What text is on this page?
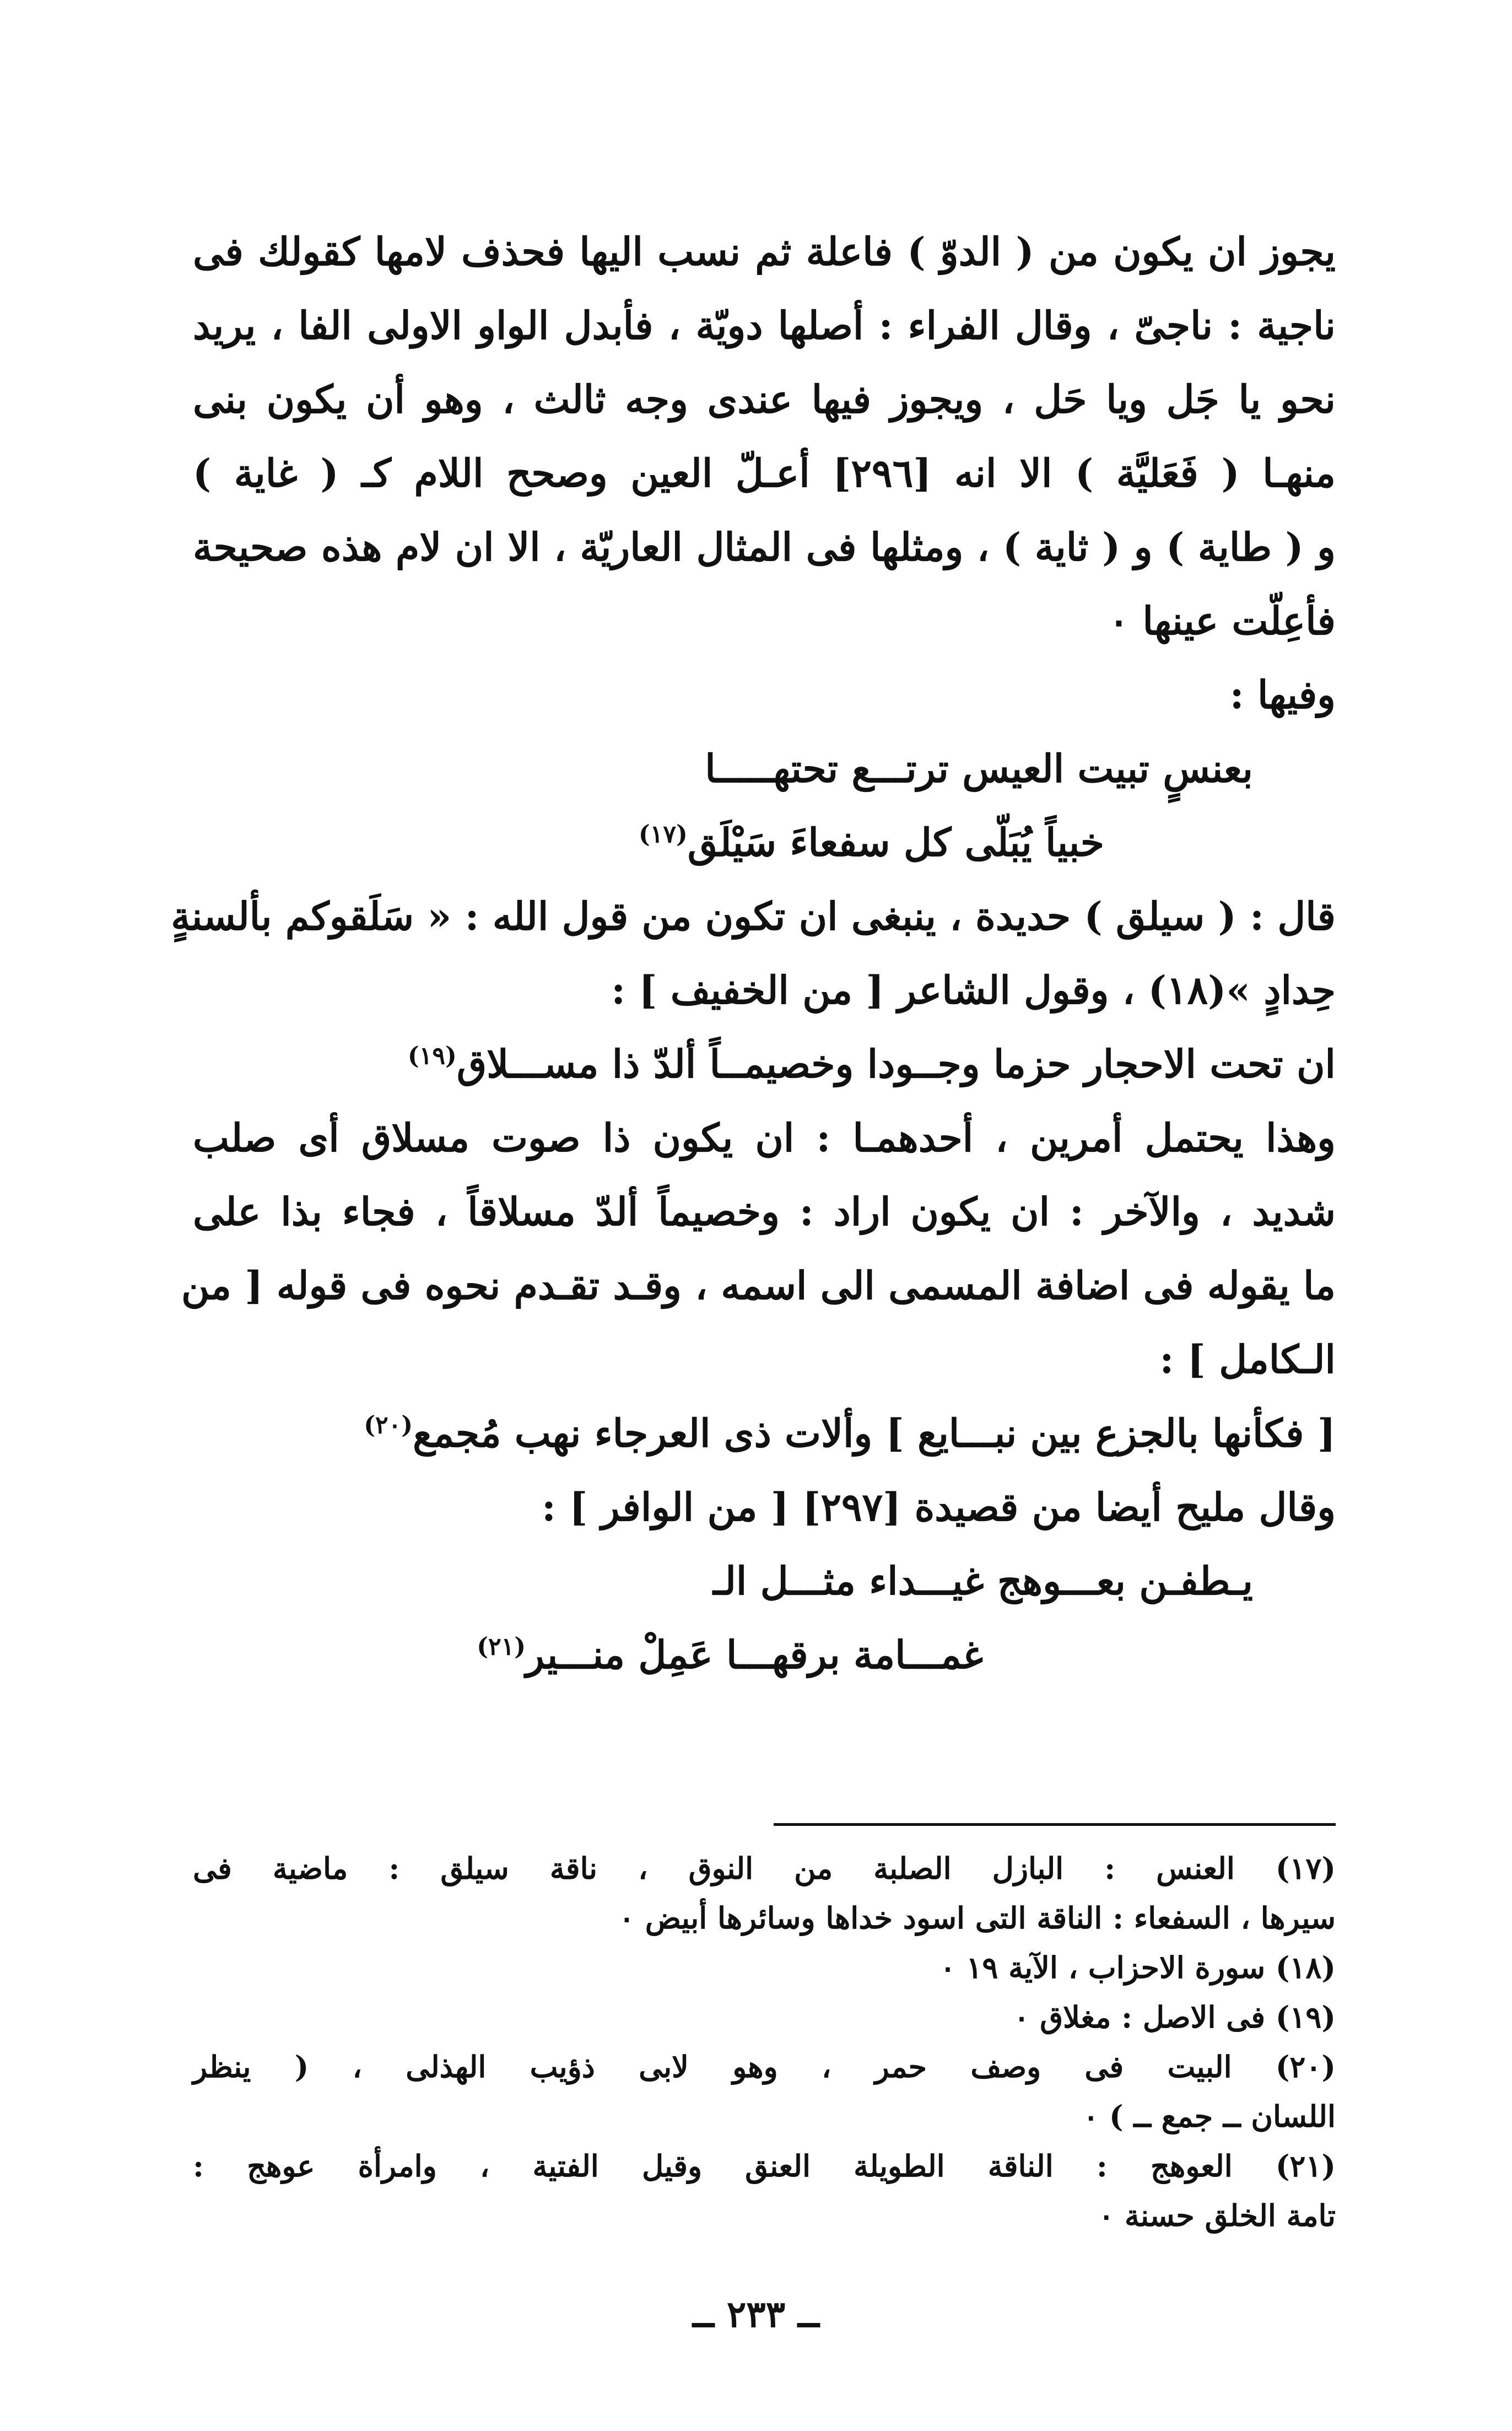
يجوز ان يكون من ( الدوّ ) فاعلة ثم نسب اليها فحذف لامها كقولك فى
ناجية : ناجىّ ، وقال الفراء : أصلها دويّة ، فأبدل الواو الاولى الفا ، يريد
نحو يا جَل ويا حَل ، ويجوز فيها عندى وجه ثالث ، وهو أن يكون بنى
منهـا ( فَعَليَّة ) الا انه [٢٩٦] أعـلّ العين وصحح اللام كـ ( غاية )
و ( طاية ) و ( ثاية ) ، ومثلها فى المثال العاريّة ، الا ان لام هذه صحيحة
فأعِلّت عينها ٠
وفيها :
بعنسٍ تبيت العيس ترتـــع تحتهـــــا
خبياً يُبَلّى كل سفعاءَ سَيْلَق$^{(١٧)}$
قال : ( سيلق ) حديدة ، ينبغى ان تكون من قول الله : « سَلَقوكم بألسنةٍ
حِدادٍ »(١٨) ، وقول الشاعر [ من الخفيف ] :
ان تحت الاحجار حزما وجــودا وخصيمــاً ألدّ ذا مســـلاق$^{(١٩)}$
وهذا يحتمل أمرين ، أحدهمـا : ان يكون ذا صوت مسلاق أى صلب
شديد ، والآخر : ان يكون اراد : وخصيماً ألدّ مسلاقاً ، فجاء بذا على
ما يقوله فى اضافة المسمى الى اسمه ، وقـد تقـدم نحوه فى قوله [ من
الـكامل ] :
[ فكأنها بالجزع بين نبـــايع ] وألات ذى العرجاء نهب مُجمع$^{(٢٠)}$
وقال مليح أيضا من قصيدة [٢٩٧] [ من الوافر ] :
يـطفـن بعـــوهج غيـــداء مثـــل الـ
غمـــامة برقهـــا عَمِلْ منـــير$^{(٢١)}$
(١٧) العنس : البازل الصلبة من النوق ، ناقة سيلق : ماضية فى
سيرها ، السفعاء : الناقة التى اسود خداها وسائرها أبيض ٠
(١٨) سورة الاحزاب ، الآية ١٩ ٠
(١٩) فى الاصل : مغلاق ٠
(٢٠) البيت فى وصف حمر ، وهو لابى ذؤيب الهذلى ، ( ينظر
اللسان ــ جمع ــ ) ٠
(٢١) العوهج : الناقة الطويلة العنق وقيل الفتية ، وامرأة عوهج :
تامة الخلق حسنة ٠
ــ ٢٣٣ ــ
